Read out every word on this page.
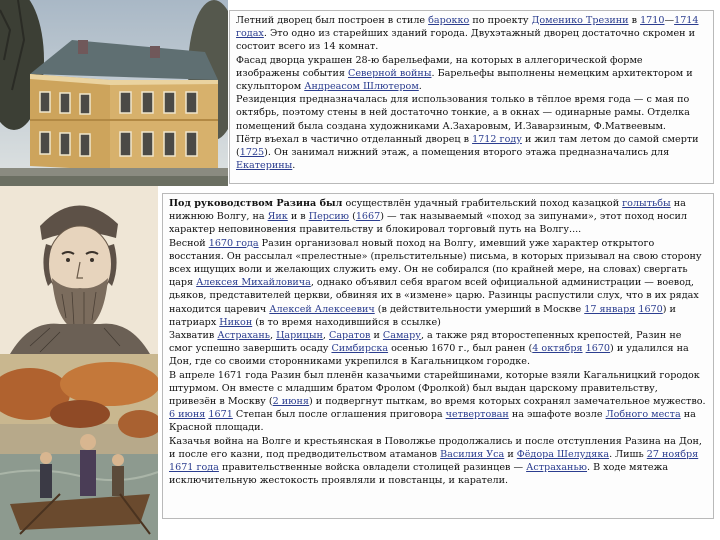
Летний дворец был построен в стиле барокко по проекту Доменико Трезини в 1710—1714 годах. Это одно из старейших зданий города. Двухэтажный дворец достаточно скромен и состоит всего из 14 комнат.

Фасад дворца украшен 28-ю барельефами, на которых в аллегорической форме изображены события Северной войны. Барельефы выполнены немецким архитектором и скульптором Андреасом Шлютером.

Резиденция предназначалась для использования только в тёплое время года — с мая по октябрь, поэтому стены в ней достаточно тонкие, а в окнах — одинарные рамы. Отделка помещений была создана художниками А.Захаровым, И.Заварзиным, Ф.Матвеевым.

Пётр въехал в частично отделанный дворец в 1712 году и жил там летом до самой смерти (1725). Он занимал нижний этаж, а помещения второго этажа предназначались для Екатерины.

Под руководством Разина был осуществлён удачный грабительский поход казацкой голытьбы на нижнюю Волгу, на Яик и в Персию (1667) — так называемый «поход за зипунами», этот поход носил характер неповиновения правительству и блокировал торговый путь на Волгу....

Весной 1670 года Разин организовал новый поход на Волгу, имевший уже характер открытого восстания. Он рассылал «прелестные» (прельстительные) письма, в которых призывал на свою сторону всех ищущих воли и желающих служить ему. Он не собирался (по крайней мере, на словах) свергать царя Алексея Михайловича, однако объявил себя врагом всей официальной администрации — воевод, дьяков, представителей церкви, обвиняя их в «измене» царю. Разинцы распустили слух, что в их рядах находится царевич Алексей Алексеевич (в действительности умерший в Москве 17 января 1670) и патриарх Никон (в то время находившийся в ссылке)

Захватив Астрахань, Царицын, Саратов и Самару, а также ряд второстепенных крепостей, Разин не смог успешно завершить осаду Симбирска осенью 1670 г., был ранен (4 октября 1670) и удалился на Дон, где со своими сторонниками укрепился в Кагальницком городке.

В апреле 1671 года Разин был пленён казачьими старейшинами, которые взяли Кагальницкий городок штурмом. Он вместе с младшим братом Фролом (Фролкой) был выдан царскому правительству, привезён в Москву (2 июня) и подвергнут пыткам, во время которых сохранял замечательное мужество. 6 июня 1671 Степан был после оглашения приговора четвертован на эшафоте возле Лобного места на Красной площади.

Казачья война на Волге и крестьянская в Поволжье продолжались и после отступления Разина на Дон, и после его казни, под предводительством атаманов Василия Уса и Фёдора Шелудяка. Лишь 27 ноября 1671 года правительственные войска овладели столицей разинцев — Астраханью. В ходе мятежа исключительную жестокость проявляли и повстанцы, и каратели.
